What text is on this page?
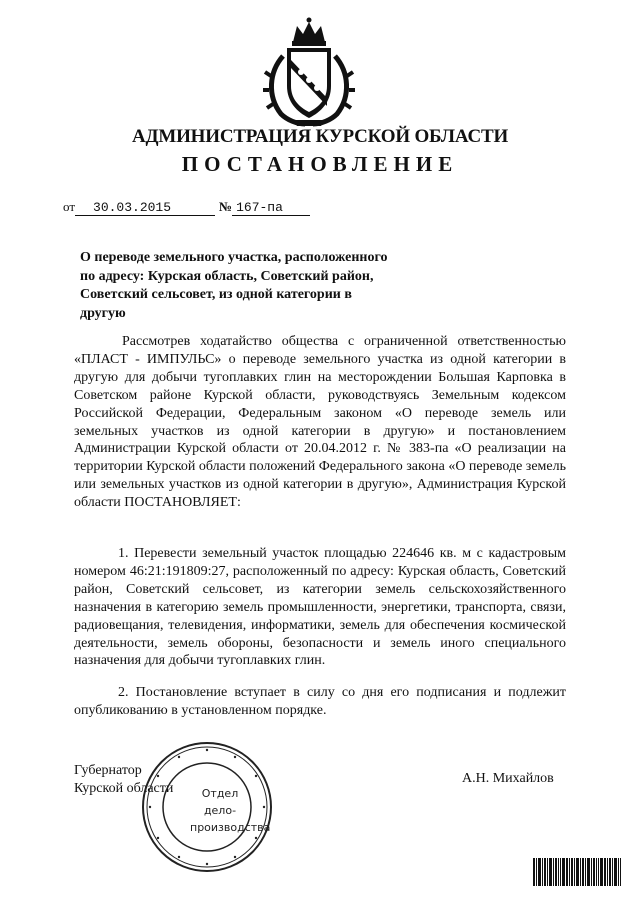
АДМИНИСТРАЦИЯ КУРСКОЙ ОБЛАСТИ
ПОСТАНОВЛЕНИЕ
от 30.03.2015	№ 167-па
О переводе земельного участка, расположенного
по адресу: Курская область, Советский район,
Советский сельсовет, из одной категории в
другую
Рассмотрев ходатайство общества с ограниченной ответственностью «ПЛАСТ - ИМПУЛЬС» о переводе земельного участка из одной категории в другую для добычи тугоплавких глин на месторождении Большая Карповка в Советском районе Курской области, руководствуясь Земельным кодексом Российской Федерации, Федеральным законом «О переводе земель или земельных участков из одной категории в другую» и постановлением Администрации Курской области от 20.04.2012 г. № 383-па «О реализации на территории Курской области положений Федерального закона «О переводе земель или земельных участков из одной категории в другую», Администрация Курской области ПОСТАНОВЛЯЕТ:
1. Перевести земельный участок площадью 224646 кв. м с кадастровым номером 46:21:191809:27, расположенный по адресу: Курская область, Советский район, Советский сельсовет, из категории земель сельскохозяйственного назначения в категорию земель промышленности, энергетики, транспорта, связи, радиовещания, телевидения, информатики, земель для обеспечения космической деятельности, земель обороны, безопасности и земель иного специального назначения для добычи тугоплавких глин.
2. Постановление вступает в силу со дня его подписания и подлежит опубликованию в установленном порядке.
Губернатор
Курской области
А.Н. Михайлов
Отдел
дело-
производства
